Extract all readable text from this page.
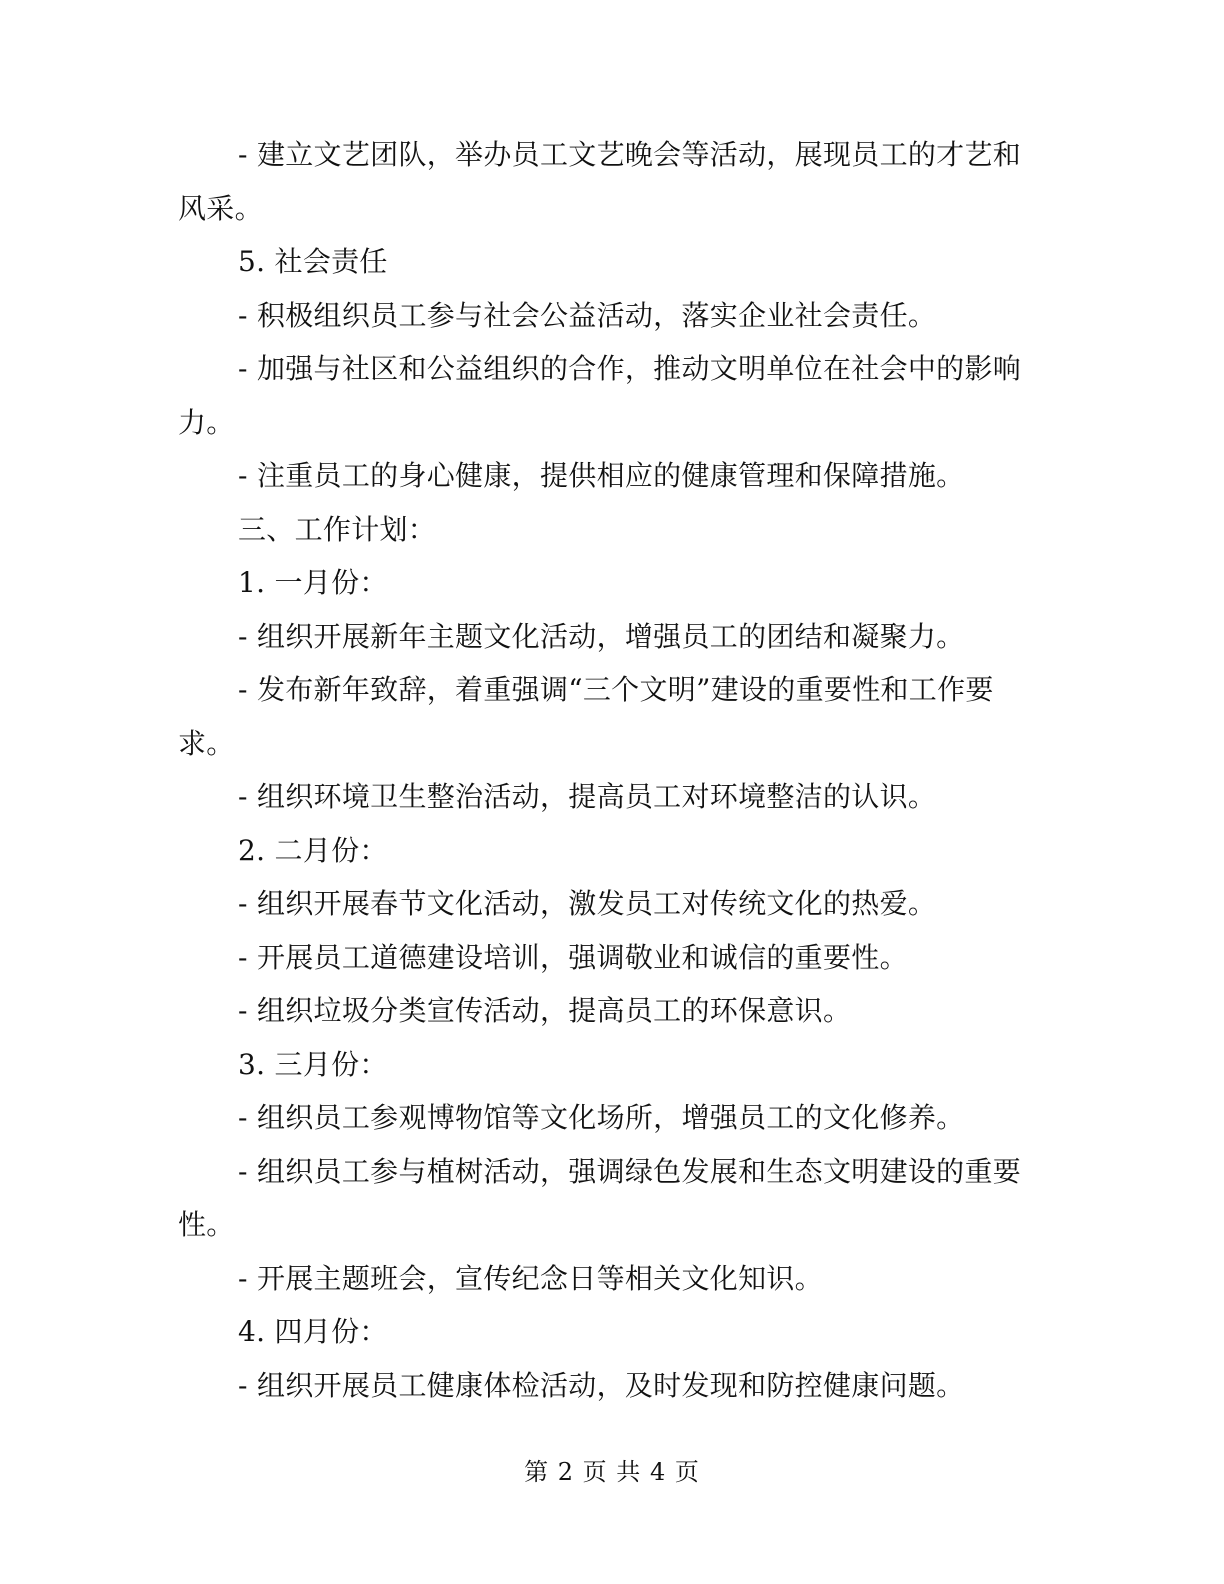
- 建立文艺团队，举办员工文艺晚会等活动，展现员工的才艺和风采。

5. 社会责任

- 积极组织员工参与社会公益活动，落实企业社会责任。

- 加强与社区和公益组织的合作，推动文明单位在社会中的影响力。

- 注重员工的身心健康，提供相应的健康管理和保障措施。

三、工作计划：

1. 一月份：

- 组织开展新年主题文化活动，增强员工的团结和凝聚力。

- 发布新年致辞，着重强调“三个文明”建设的重要性和工作要求。

- 组织环境卫生整治活动，提高员工对环境整洁的认识。

2. 二月份：

- 组织开展春节文化活动，激发员工对传统文化的热爱。

- 开展员工道德建设培训，强调敬业和诚信的重要性。

- 组织垃圾分类宣传活动，提高员工的环保意识。

3. 三月份：

- 组织员工参观博物馆等文化场所，增强员工的文化修养。

- 组织员工参与植树活动，强调绿色发展和生态文明建设的重要性。

- 开展主题班会，宣传纪念日等相关文化知识。

4. 四月份：

- 组织开展员工健康体检活动，及时发现和防控健康问题。

第 2 页 共 4 页
